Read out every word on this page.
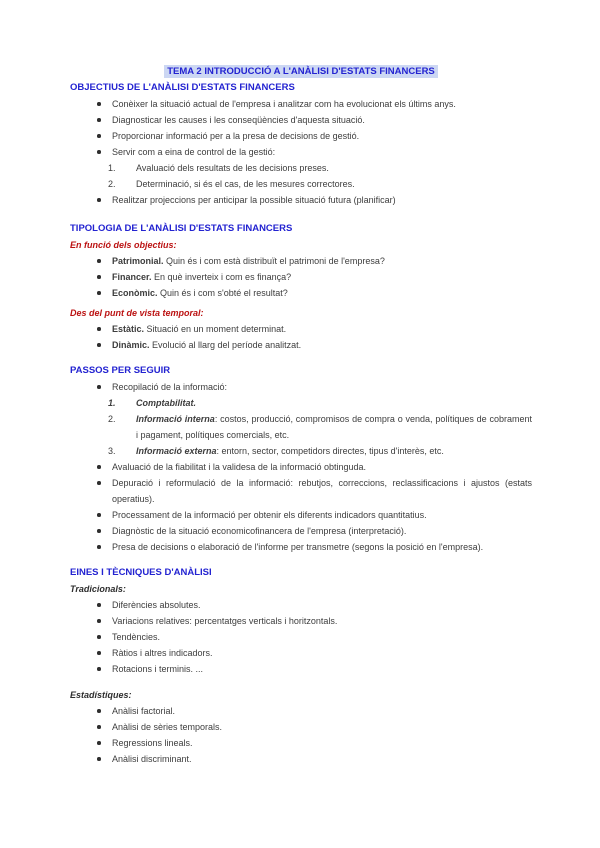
TEMA 2 INTRODUCCIÓ A L'ANÀLISI D'ESTATS FINANCERS
OBJECTIUS DE L'ANÀLISI D'ESTATS FINANCERS
Conèixer la situació actual de l'empresa i analitzar com ha evolucionat els últims anys.
Diagnosticar les causes i les conseqüències d'aquesta situació.
Proporcionar informació per a la presa de decisions de gestió.
Servir com a eina de control de la gestió:
1.	Avaluació dels resultats de les decisions preses.
2.	Determinació, si és el cas, de les mesures correctores.
Realitzar projeccions per anticipar la possible situació futura (planificar)
TIPOLOGIA DE L'ANÀLISI D'ESTATS FINANCERS
En funció dels objectius:
Patrimonial. Quin és i com està distribuït el patrimoni de l'empresa?
Financer. En què inverteix i com es finança?
Econòmic. Quin és i com s'obté el resultat?
Des del punt de vista temporal:
Estàtic. Situació en un moment determinat.
Dinàmic. Evolució al llarg del període analitzat.
PASSOS PER SEGUIR
Recopilació de la informació:
1.	Comptabilitat.
2.	Informació interna: costos, producció, compromisos de compra o venda, polítiques de cobrament i pagament, polítiques comercials, etc.
3.	Informació externa: entorn, sector, competidors directes, tipus d'interès, etc.
Avaluació de la fiabilitat i la validesa de la informació obtinguda.
Depuració i reformulació de la informació: rebutjos, correccions, reclassificacions i ajustos (estats operatius).
Processament de la informació per obtenir els diferents indicadors quantitatius.
Diagnòstic de la situació economicofinancera de l'empresa (interpretació).
Presa de decisions o elaboració de l'informe per transmetre (segons la posició en l'empresa).
EINES I TÈCNIQUES D'ANÀLISI
Tradicionals:
Diferències absolutes.
Variacions relatives: percentatges verticals i horitzontals.
Tendències.
Ràtios i altres indicadors.
Rotacions i terminis. ...
Estadístiques:
Anàlisi factorial.
Anàlisi de sèries temporals.
Regressions lineals.
Anàlisi discriminant.
